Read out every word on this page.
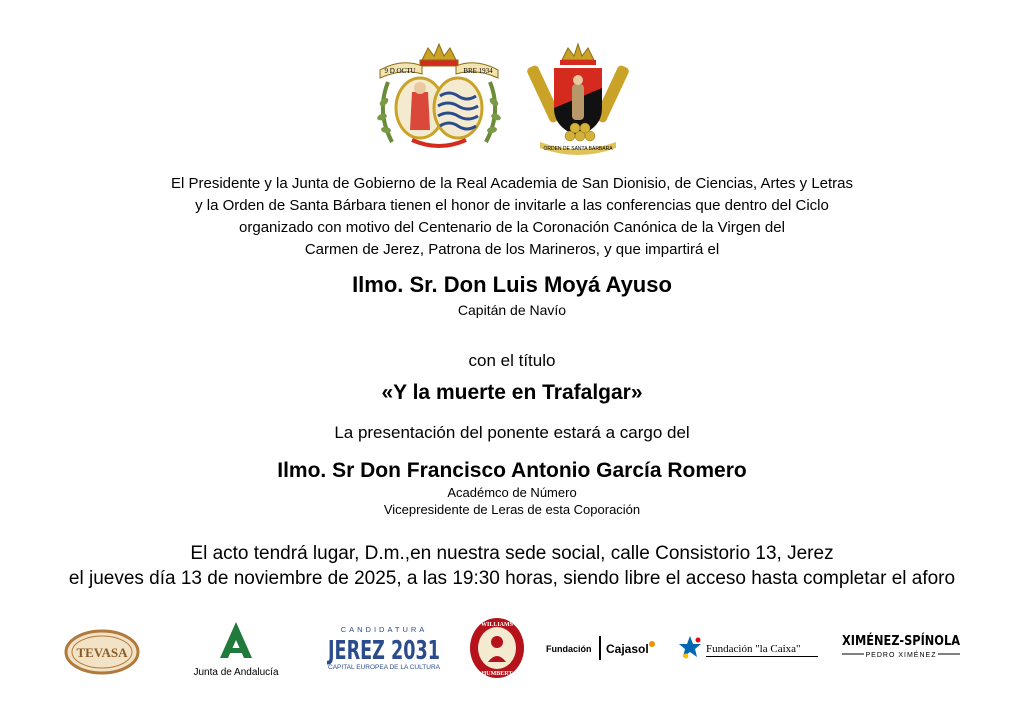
9 D OCTU	BRE 1934
ORDEN DE SANTA BÁRBARA
El Presidente y la Junta de Gobierno de la Real Academia de San Dionisio, de Ciencias, Artes y Letras
y la Orden de Santa Bárbara tienen el honor de invitarle a las conferencias que dentro del Ciclo
organizado con motivo del Centenario de la Coronación Canónica de la Virgen del
Carmen de Jerez, Patrona de los Marineros, y que impartirá el
Ilmo. Sr. Don Luis Moyá Ayuso
Capitán de Navío
con el título
«Y la muerte en Trafalgar»
La presentación del ponente estará a cargo del
Ilmo. Sr Don Francisco Antonio García Romero
Académco de Número
Vicepresidente de Leras de esta Coporación
El acto tendrá lugar, D.m.,en nuestra sede social, calle Consistorio 13, Jerez
el jueves día 13 de noviembre de 2025, a las 19:30 horas, siendo libre el acceso hasta completar el aforo
TEVASA
Junta de Andalucía
CANDIDATURA
JEREZ 2031
CAPITAL EUROPEA DE LA CULTURA
WILLIAMS
HUMBERT
Fundación Cajasol	Fundación "la Caixa"	XIMÉNEZ-SPÍNOLA
PEDRO XIMÉNEZ
